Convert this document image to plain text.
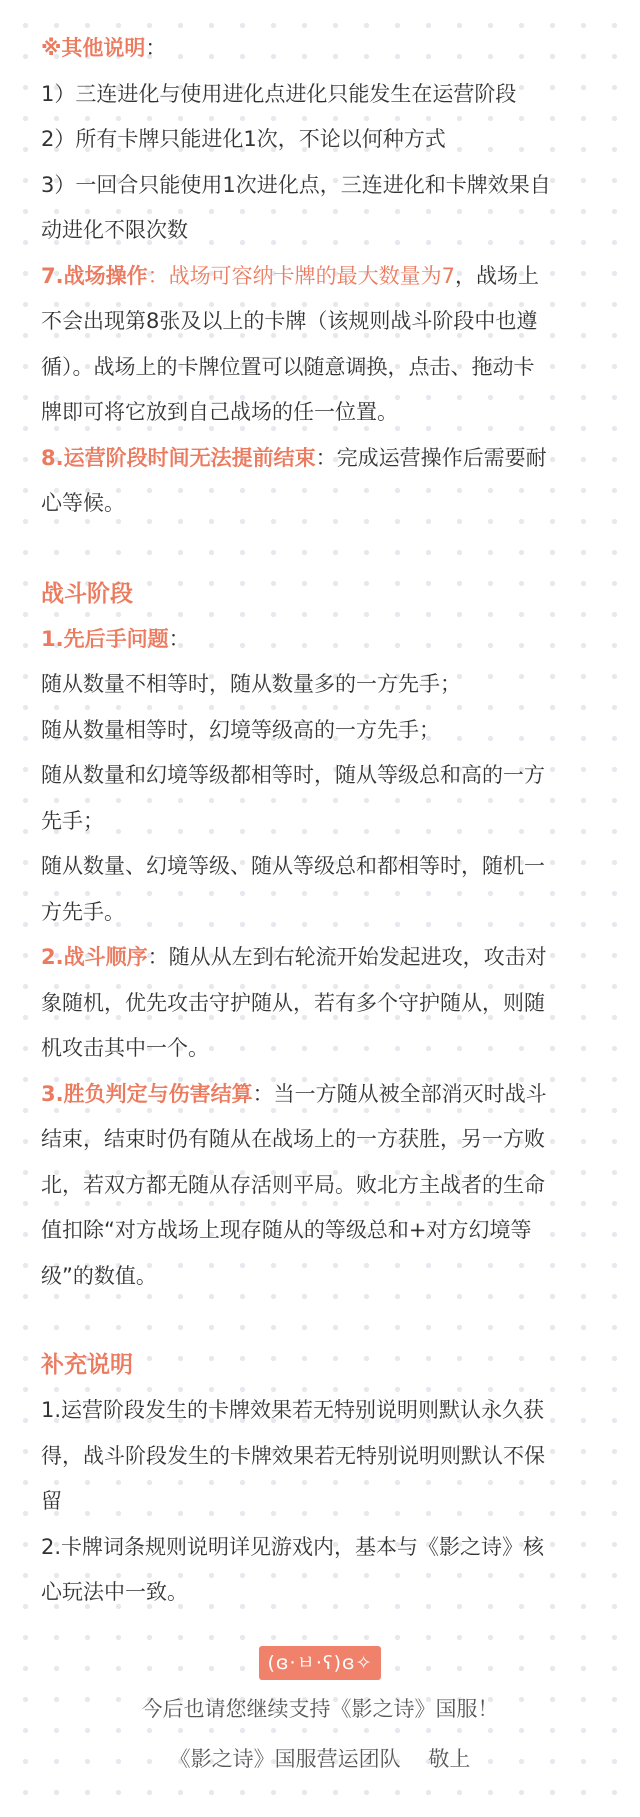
※其他说明：

1）三连进化与使用进化点进化只能发生在运营阶段

2）所有卡牌只能进化1次，不论以何种方式

3）一回合只能使用1次进化点，三连进化和卡牌效果自

动进化不限次数

7.战场操作：战场可容纳卡牌的最大数量为7，战场上

不会出现第8张及以上的卡牌（该规则战斗阶段中也遵

循）。战场上的卡牌位置可以随意调换，点击、拖动卡

牌即可将它放到自己战场的任一位置。

8.运营阶段时间无法提前结束：完成运营操作后需要耐

心等候。

战斗阶段

1.先后手问题：

随从数量不相等时，随从数量多的一方先手；

随从数量相等时，幻境等级高的一方先手；

随从数量和幻境等级都相等时，随从等级总和高的一方

先手；

随从数量、幻境等级、随从等级总和都相等时，随机一

方先手。

2.战斗顺序：随从从左到右轮流开始发起进攻，攻击对

象随机，优先攻击守护随从，若有多个守护随从，则随

机攻击其中一个。

3.胜负判定与伤害结算：当一方随从被全部消灭时战斗

结束，结束时仍有随从在战场上的一方获胜，另一方败

北，若双方都无随从存活则平局。败北方主战者的生命

值扣除“对方战场上现存随从的等级总和+对方幻境等

级”的数值。

补充说明

1.运营阶段发生的卡牌效果若无特别说明则默认永久获

得，战斗阶段发生的卡牌效果若无特别说明则默认不保

留

2.卡牌词条规则说明详见游戏内，基本与《影之诗》核

心玩法中一致。

(ɞ·ㅂ·ʕ)ɞ✧
今后也请您继续支持《影之诗》国服！
《影之诗》国服营运团队　 敬上
